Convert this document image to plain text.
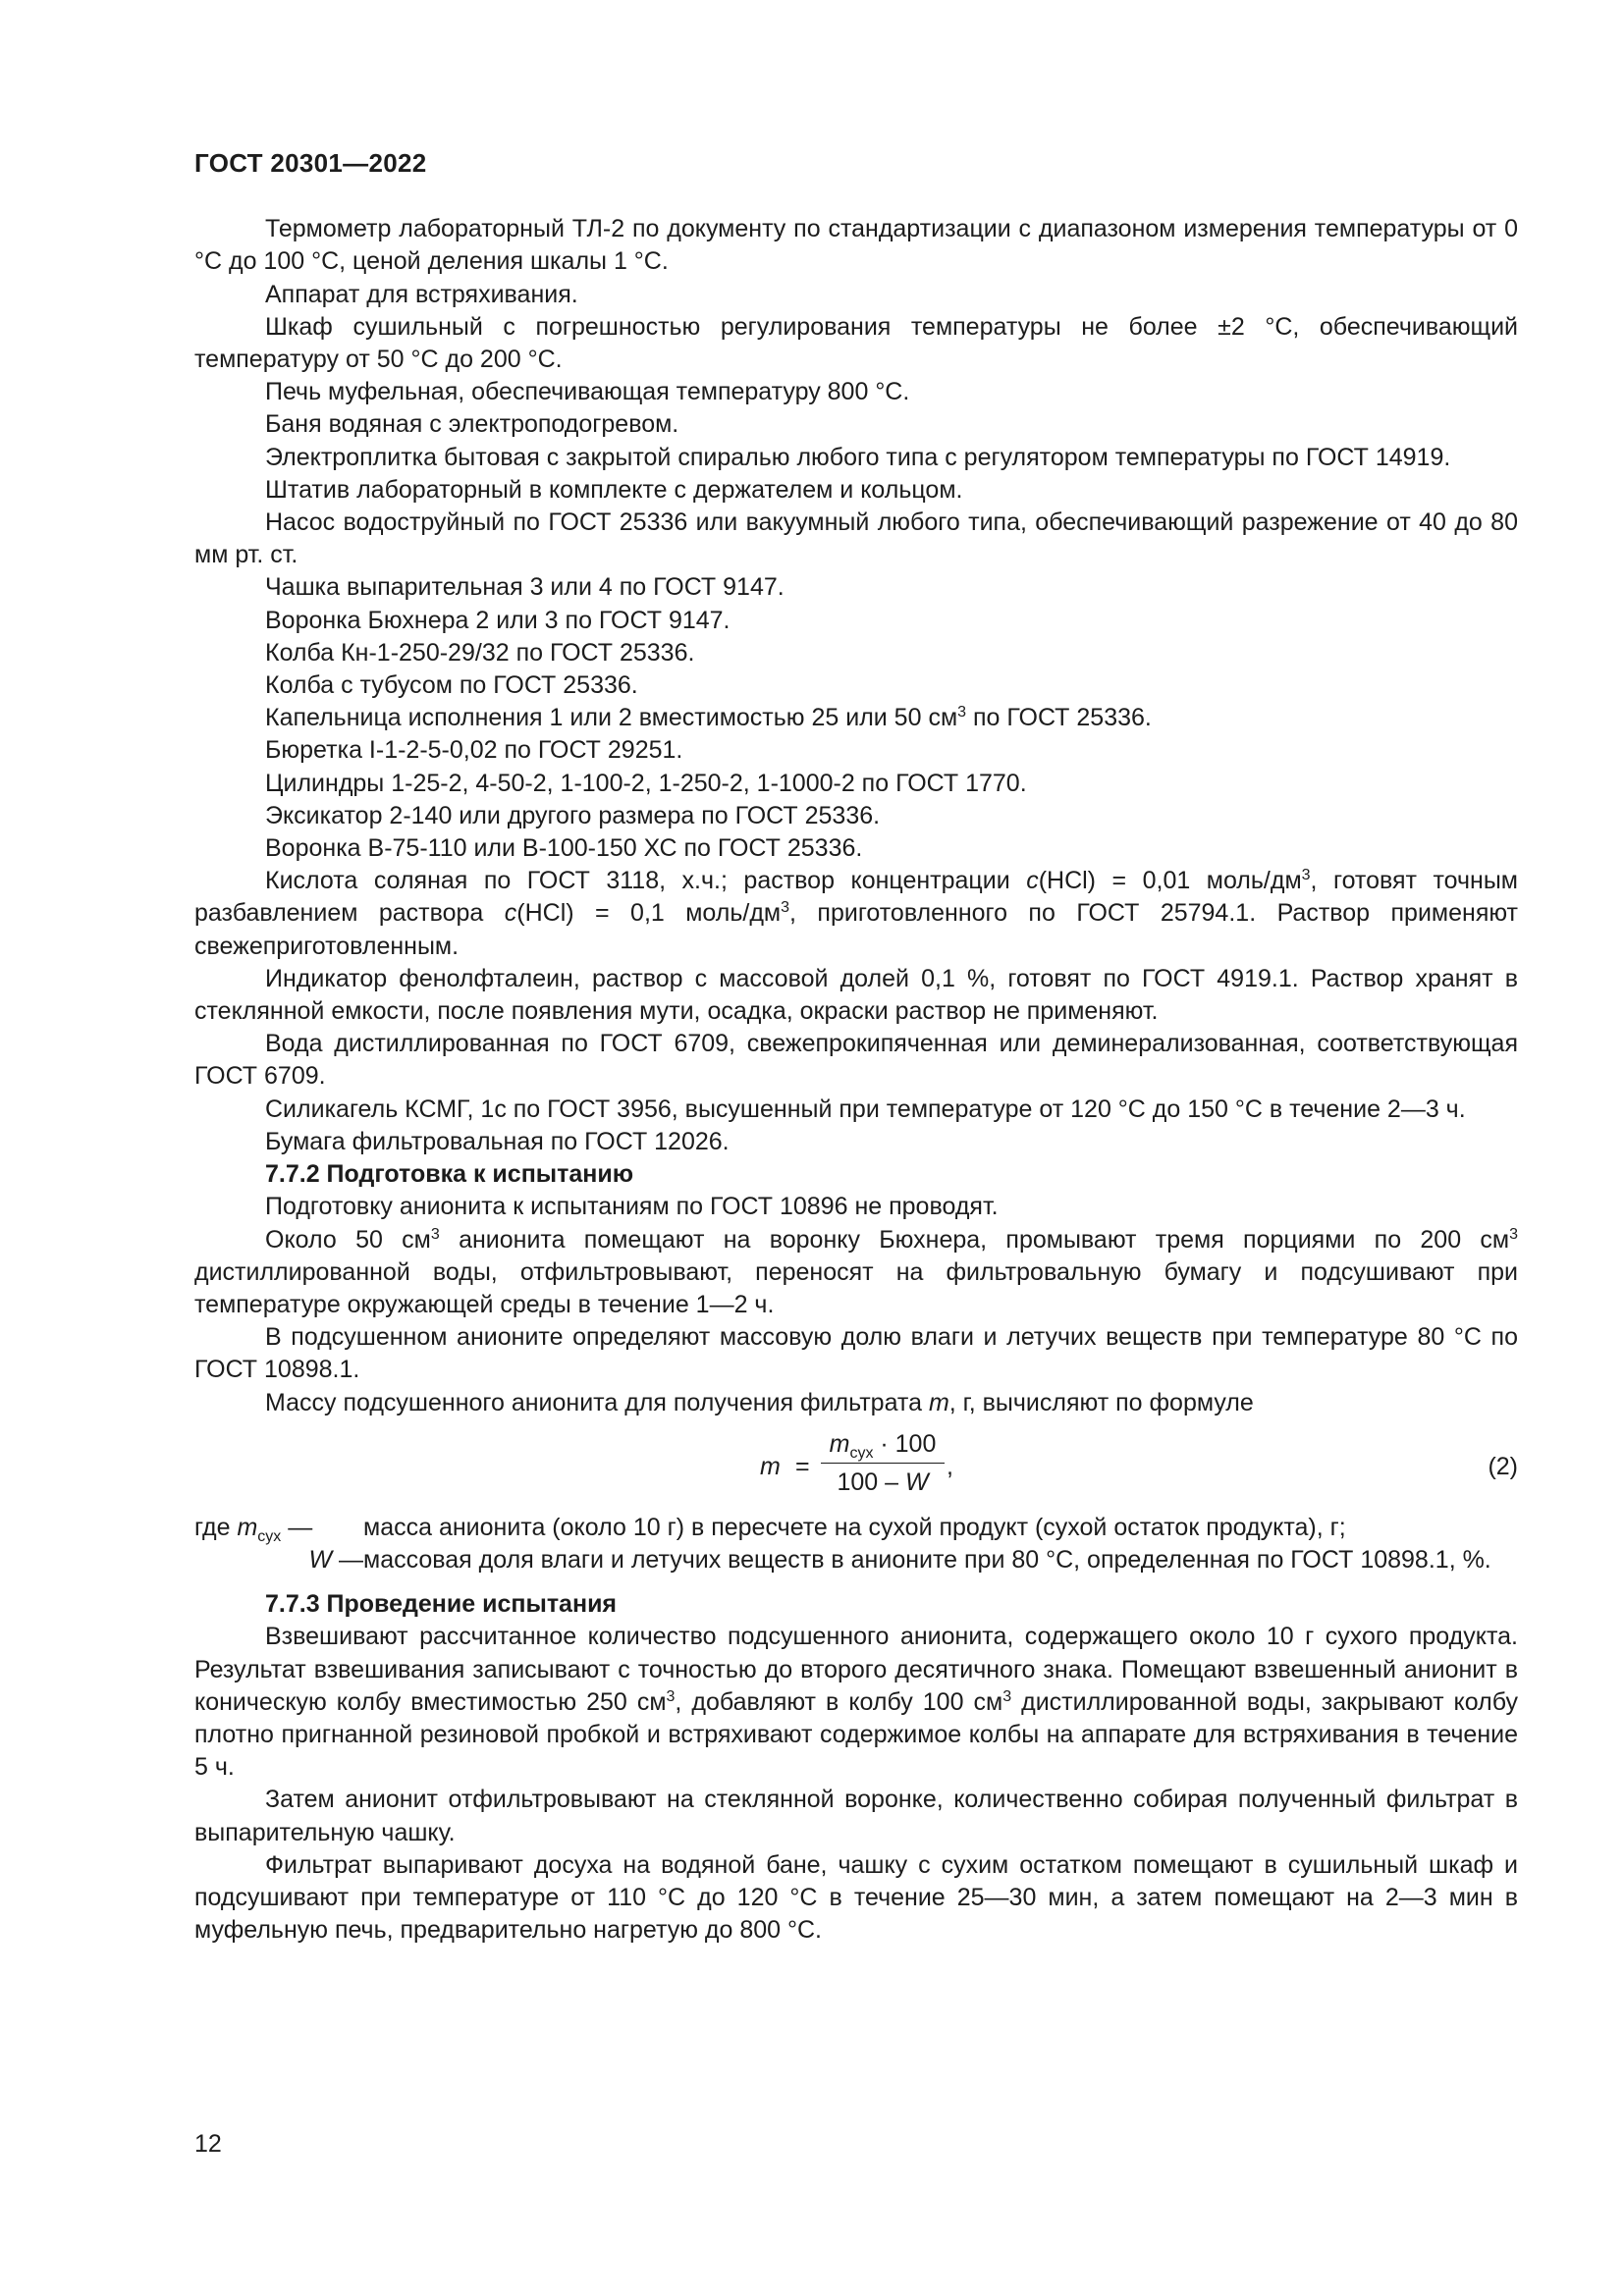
ГОСТ 20301—2022

Термометр лабораторный ТЛ-2 по документу по стандартизации с диапазоном измерения температуры от 0 °С до 100 °С, ценой деления шкалы 1 °С.

Аппарат для встряхивания.

Шкаф сушильный с погрешностью регулирования температуры не более ±2 °С, обеспечивающий температуру от 50 °С до 200 °С.

Печь муфельная, обеспечивающая температуру 800 °С.

Баня водяная с электроподогревом.

Электроплитка бытовая с закрытой спиралью любого типа с регулятором температуры по ГОСТ 14919.

Штатив лабораторный в комплекте с держателем и кольцом.

Насос водоструйный по ГОСТ 25336 или вакуумный любого типа, обеспечивающий разрежение от 40 до 80 мм рт. ст.

Чашка выпарительная 3 или 4 по ГОСТ 9147.

Воронка Бюхнера 2 или 3 по ГОСТ 9147.

Колба Кн-1-250-29/32 по ГОСТ 25336.

Колба с тубусом по ГОСТ 25336.

Капельница исполнения 1 или 2 вместимостью 25 или 50 $см^3$ по ГОСТ 25336.

Бюретка I-1-2-5-0,02 по ГОСТ 29251.

Цилиндры 1-25-2, 4-50-2, 1-100-2, 1-250-2, 1-1000-2 по ГОСТ 1770.

Эксикатор 2-140 или другого размера по ГОСТ 25336.

Воронка В-75-110 или В-100-150 ХС по ГОСТ 25336.

Кислота соляная по ГОСТ 3118, х.ч.; раствор концентрации c(HCl) = 0,01 моль/$дм^3$, готовят точным разбавлением раствора c(HCl) = 0,1 моль/$дм^3$, приготовленного по ГОСТ 25794.1. Раствор применяют свежеприготовленным.

Индикатор фенолфталеин, раствор с массовой долей 0,1 %, готовят по ГОСТ 4919.1. Раствор хранят в стеклянной емкости, после появления мути, осадка, окраски раствор не применяют.

Вода дистиллированная по ГОСТ 6709, свежепрокипяченная или деминерализованная, соответствующая ГОСТ 6709.

Силикагель КСМГ, 1с по ГОСТ 3956, высушенный при температуре от 120 °С до 150 °С в течение 2—3 ч.

Бумага фильтровальная по ГОСТ 12026.

7.7.2 Подготовка к испытанию

Подготовку анионита к испытаниям по ГОСТ 10896 не проводят.

Около 50 $см^3$ анионита помещают на воронку Бюхнера, промывают тремя порциями по 200 $см^3$ дистиллированной воды, отфильтровывают, переносят на фильтровальную бумагу и подсушивают при температуре окружающей среды в течение 1—2 ч.

В подсушенном анионите определяют массовую долю влаги и летучих веществ при температуре 80 °С по ГОСТ 10898.1.

Массу подсушенного анионита для получения фильтрата m, г, вычисляют по формуле

m =
$m_{сух} \cdot 100$
100 – W
,	(2)
где $m_{сух}$ —	масса анионита (около 10 г) в пересчете на сухой продукт (сухой остаток продукта), г;
W — массовая доля влаги и летучих веществ в анионите при 80 °С, определенная по ГОСТ 10898.1, %.

7.7.3 Проведение испытания

Взвешивают рассчитанное количество подсушенного анионита, содержащего около 10 г сухого продукта. Результат взвешивания записывают с точностью до второго десятичного знака. Помещают взвешенный анионит в коническую колбу вместимостью 250 $см^3$, добавляют в колбу 100 $см^3$ дистиллированной воды, закрывают колбу плотно пригнанной резиновой пробкой и встряхивают содержимое колбы на аппарате для встряхивания в течение 5 ч.

Затем анионит отфильтровывают на стеклянной воронке, количественно собирая полученный фильтрат в выпарительную чашку.

Фильтрат выпаривают досуха на водяной бане, чашку с сухим остатком помещают в сушильный шкаф и подсушивают при температуре от 110 °С до 120 °С в течение 25—30 мин, а затем помещают на 2—3 мин в муфельную печь, предварительно нагретую до 800 °С.

12
